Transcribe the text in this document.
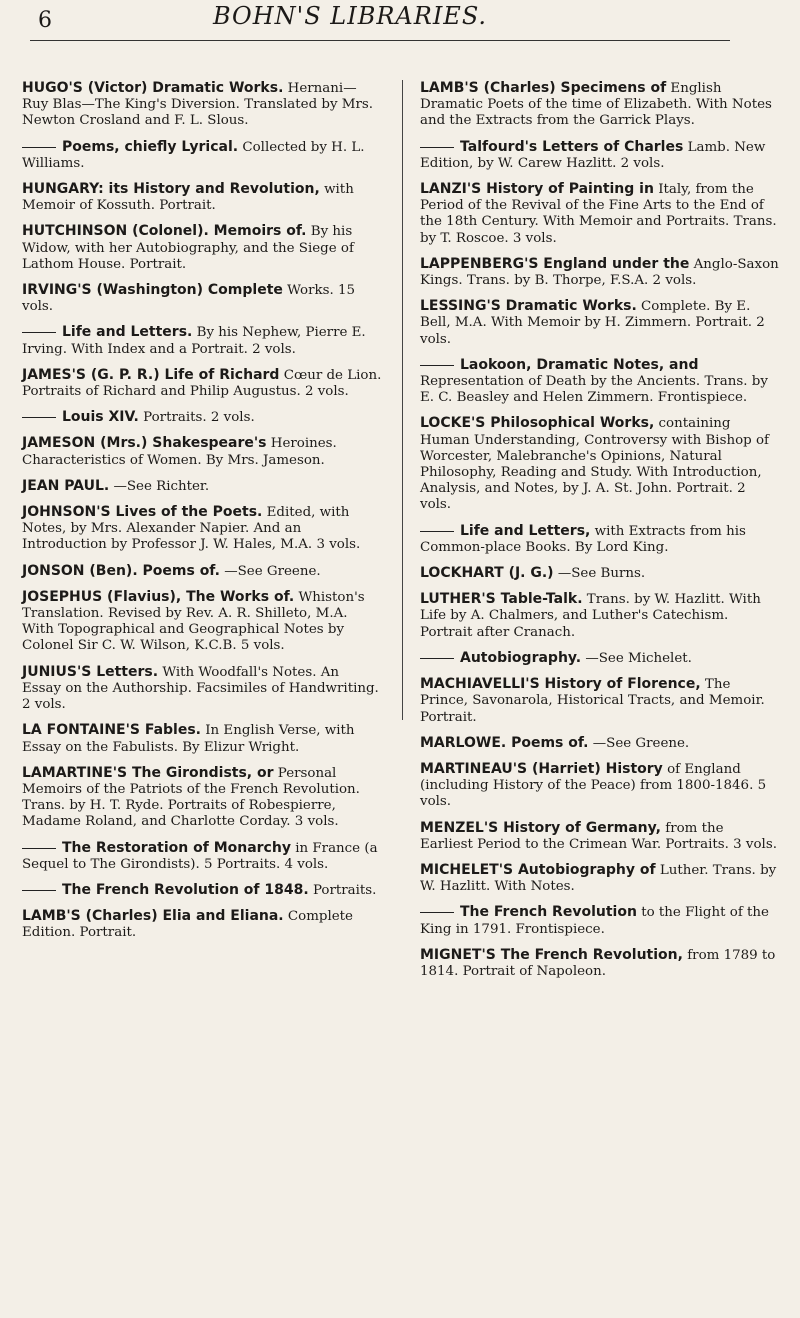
6	BOHN'S LIBRARIES.
HUGO'S (Victor) Dramatic Works. Hernani—Ruy Blas—The King's Diversion. Translated by Mrs. Newton Crosland and F. L. Slous.
Poems, chiefly Lyrical. Collected by H. L. Williams.
HUNGARY: its History and Revolution, with Memoir of Kossuth. Portrait.
HUTCHINSON (Colonel). Memoirs of. By his Widow, with her Autobiography, and the Siege of Lathom House. Portrait.
IRVING'S (Washington) Complete Works. 15 vols.
Life and Letters. By his Nephew, Pierre E. Irving. With Index and a Portrait. 2 vols.
JAMES'S (G. P. R.) Life of Richard Cœur de Lion. Portraits of Richard and Philip Augustus. 2 vols.
Louis XIV. Portraits. 2 vols.
JAMESON (Mrs.) Shakespeare's Heroines. Characteristics of Women. By Mrs. Jameson.
JEAN PAUL. —See Richter.
JOHNSON'S Lives of the Poets. Edited, with Notes, by Mrs. Alexander Napier. And an Introduction by Professor J. W. Hales, M.A. 3 vols.
JONSON (Ben). Poems of. —See Greene.
JOSEPHUS (Flavius), The Works of. Whiston's Translation. Revised by Rev. A. R. Shilleto, M.A. With Topographical and Geographical Notes by Colonel Sir C. W. Wilson, K.C.B. 5 vols.
JUNIUS'S Letters. With Woodfall's Notes. An Essay on the Authorship. Facsimiles of Handwriting. 2 vols.
LA FONTAINE'S Fables. In English Verse, with Essay on the Fabulists. By Elizur Wright.
LAMARTINE'S The Girondists, or Personal Memoirs of the Patriots of the French Revolution. Trans. by H. T. Ryde. Portraits of Robespierre, Madame Roland, and Charlotte Corday. 3 vols.
The Restoration of Monarchy in France (a Sequel to The Girondists). 5 Portraits. 4 vols.
The French Revolution of 1848. Portraits.
LAMB'S (Charles) Elia and Eliana. Complete Edition. Portrait.
LAMB'S (Charles) Specimens of English Dramatic Poets of the time of Elizabeth. With Notes and the Extracts from the Garrick Plays.
Talfourd's Letters of Charles Lamb. New Edition, by W. Carew Hazlitt. 2 vols.
LANZI'S History of Painting in Italy, from the Period of the Revival of the Fine Arts to the End of the 18th Century. With Memoir and Portraits. Trans. by T. Roscoe. 3 vols.
LAPPENBERG'S England under the Anglo-Saxon Kings. Trans. by B. Thorpe, F.S.A. 2 vols.
LESSING'S Dramatic Works. Complete. By E. Bell, M.A. With Memoir by H. Zimmern. Portrait. 2 vols.
Laokoon, Dramatic Notes, and Representation of Death by the Ancients. Trans. by E. C. Beasley and Helen Zimmern. Frontispiece.
LOCKE'S Philosophical Works, containing Human Understanding, Controversy with Bishop of Worcester, Malebranche's Opinions, Natural Philosophy, Reading and Study. With Introduction, Analysis, and Notes, by J. A. St. John. Portrait. 2 vols.
Life and Letters, with Extracts from his Common-place Books. By Lord King.
LOCKHART (J. G.) —See Burns.
LUTHER'S Table-Talk. Trans. by W. Hazlitt. With Life by A. Chalmers, and Luther's Catechism. Portrait after Cranach.
Autobiography. —See Michelet.
MACHIAVELLI'S History of Florence, The Prince, Savonarola, Historical Tracts, and Memoir. Portrait.
MARLOWE. Poems of. —See Greene.
MARTINEAU'S (Harriet) History of England (including History of the Peace) from 1800-1846. 5 vols.
MENZEL'S History of Germany, from the Earliest Period to the Crimean War. Portraits. 3 vols.
MICHELET'S Autobiography of Luther. Trans. by W. Hazlitt. With Notes.
The French Revolution to the Flight of the King in 1791. Frontispiece.
MIGNET'S The French Revolution, from 1789 to 1814. Portrait of Napoleon.
